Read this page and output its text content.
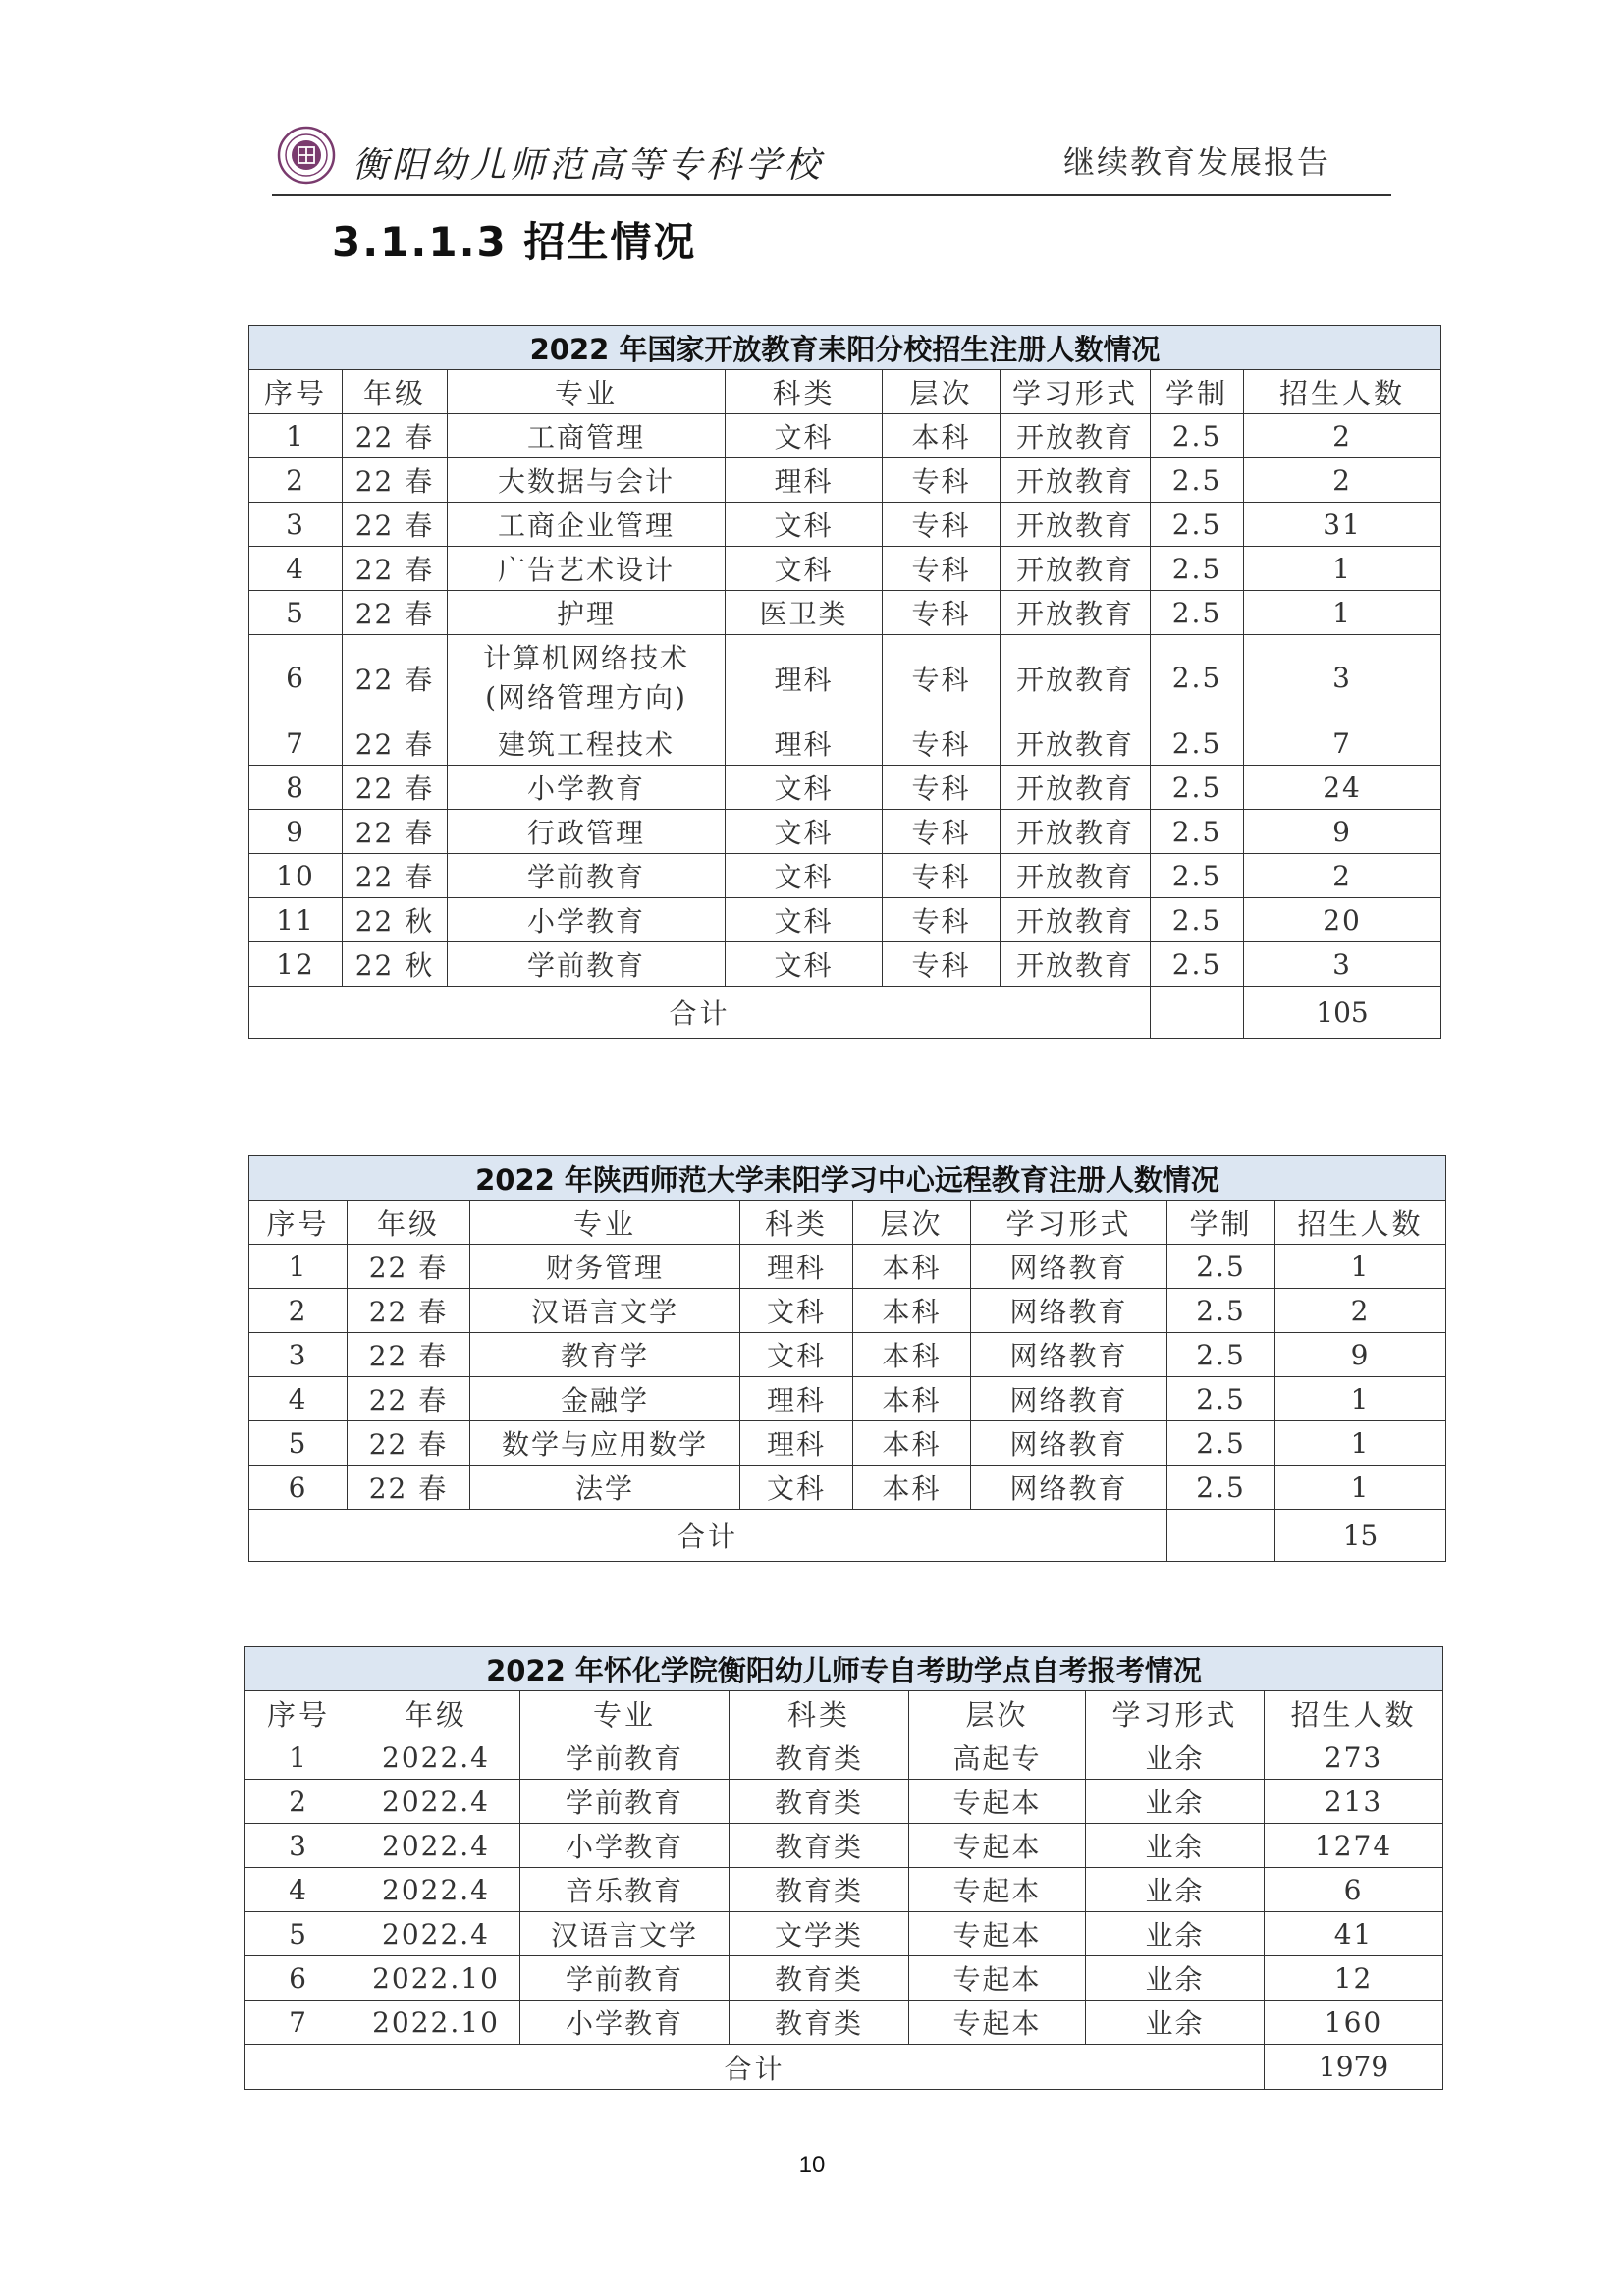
衡阳幼儿师范高等专科学校	继续教育发展报告
3.1.1.3 招生情况
2022 年国家开放教育耒阳分校招生注册人数情况							
序号	年级	专业	科类	层次	学习形式	学制	招生人数
1	22 春	工商管理	文科	本科	开放教育	2.5	2
2	22 春	大数据与会计	理科	专科	开放教育	2.5	2
3	22 春	工商企业管理	文科	专科	开放教育	2.5	31
4	22 春	广告艺术设计	文科	专科	开放教育	2.5	1
5	22 春	护理	医卫类	专科	开放教育	2.5	1
6	22 春	计算机网络技术 (网络管理方向)	理科	专科	开放教育	2.5	3
7	22 春	建筑工程技术	理科	专科	开放教育	2.5	7
8	22 春	小学教育	文科	专科	开放教育	2.5	24
9	22 春	行政管理	文科	专科	开放教育	2.5	9
10	22 春	学前教育	文科	专科	开放教育	2.5	2
11	22 秋	小学教育	文科	专科	开放教育	2.5	20
12	22 秋	学前教育	文科	专科	开放教育	2.5	3
合计							105
2022 年陕西师范大学耒阳学习中心远程教育注册人数情况							
序号	年级	专业	科类	层次	学习形式	学制	招生人数
1	22 春	财务管理	理科	本科	网络教育	2.5	1
2	22 春	汉语言文学	文科	本科	网络教育	2.5	2
3	22 春	教育学	文科	本科	网络教育	2.5	9
4	22 春	金融学	理科	本科	网络教育	2.5	1
5	22 春	数学与应用数学	理科	本科	网络教育	2.5	1
6	22 春	法学	文科	本科	网络教育	2.5	1
合计							15
2022 年怀化学院衡阳幼儿师专自考助学点自考报考情况						
序号	年级	专业	科类	层次	学习形式	招生人数
1	2022.4	学前教育	教育类	高起专	业余	273
2	2022.4	学前教育	教育类	专起本	业余	213
3	2022.4	小学教育	教育类	专起本	业余	1274
4	2022.4	音乐教育	教育类	专起本	业余	6
5	2022.4	汉语言文学	文学类	专起本	业余	41
6	2022.10	学前教育	教育类	专起本	业余	12
7	2022.10	小学教育	教育类	专起本	业余	160
合计						1979
10
